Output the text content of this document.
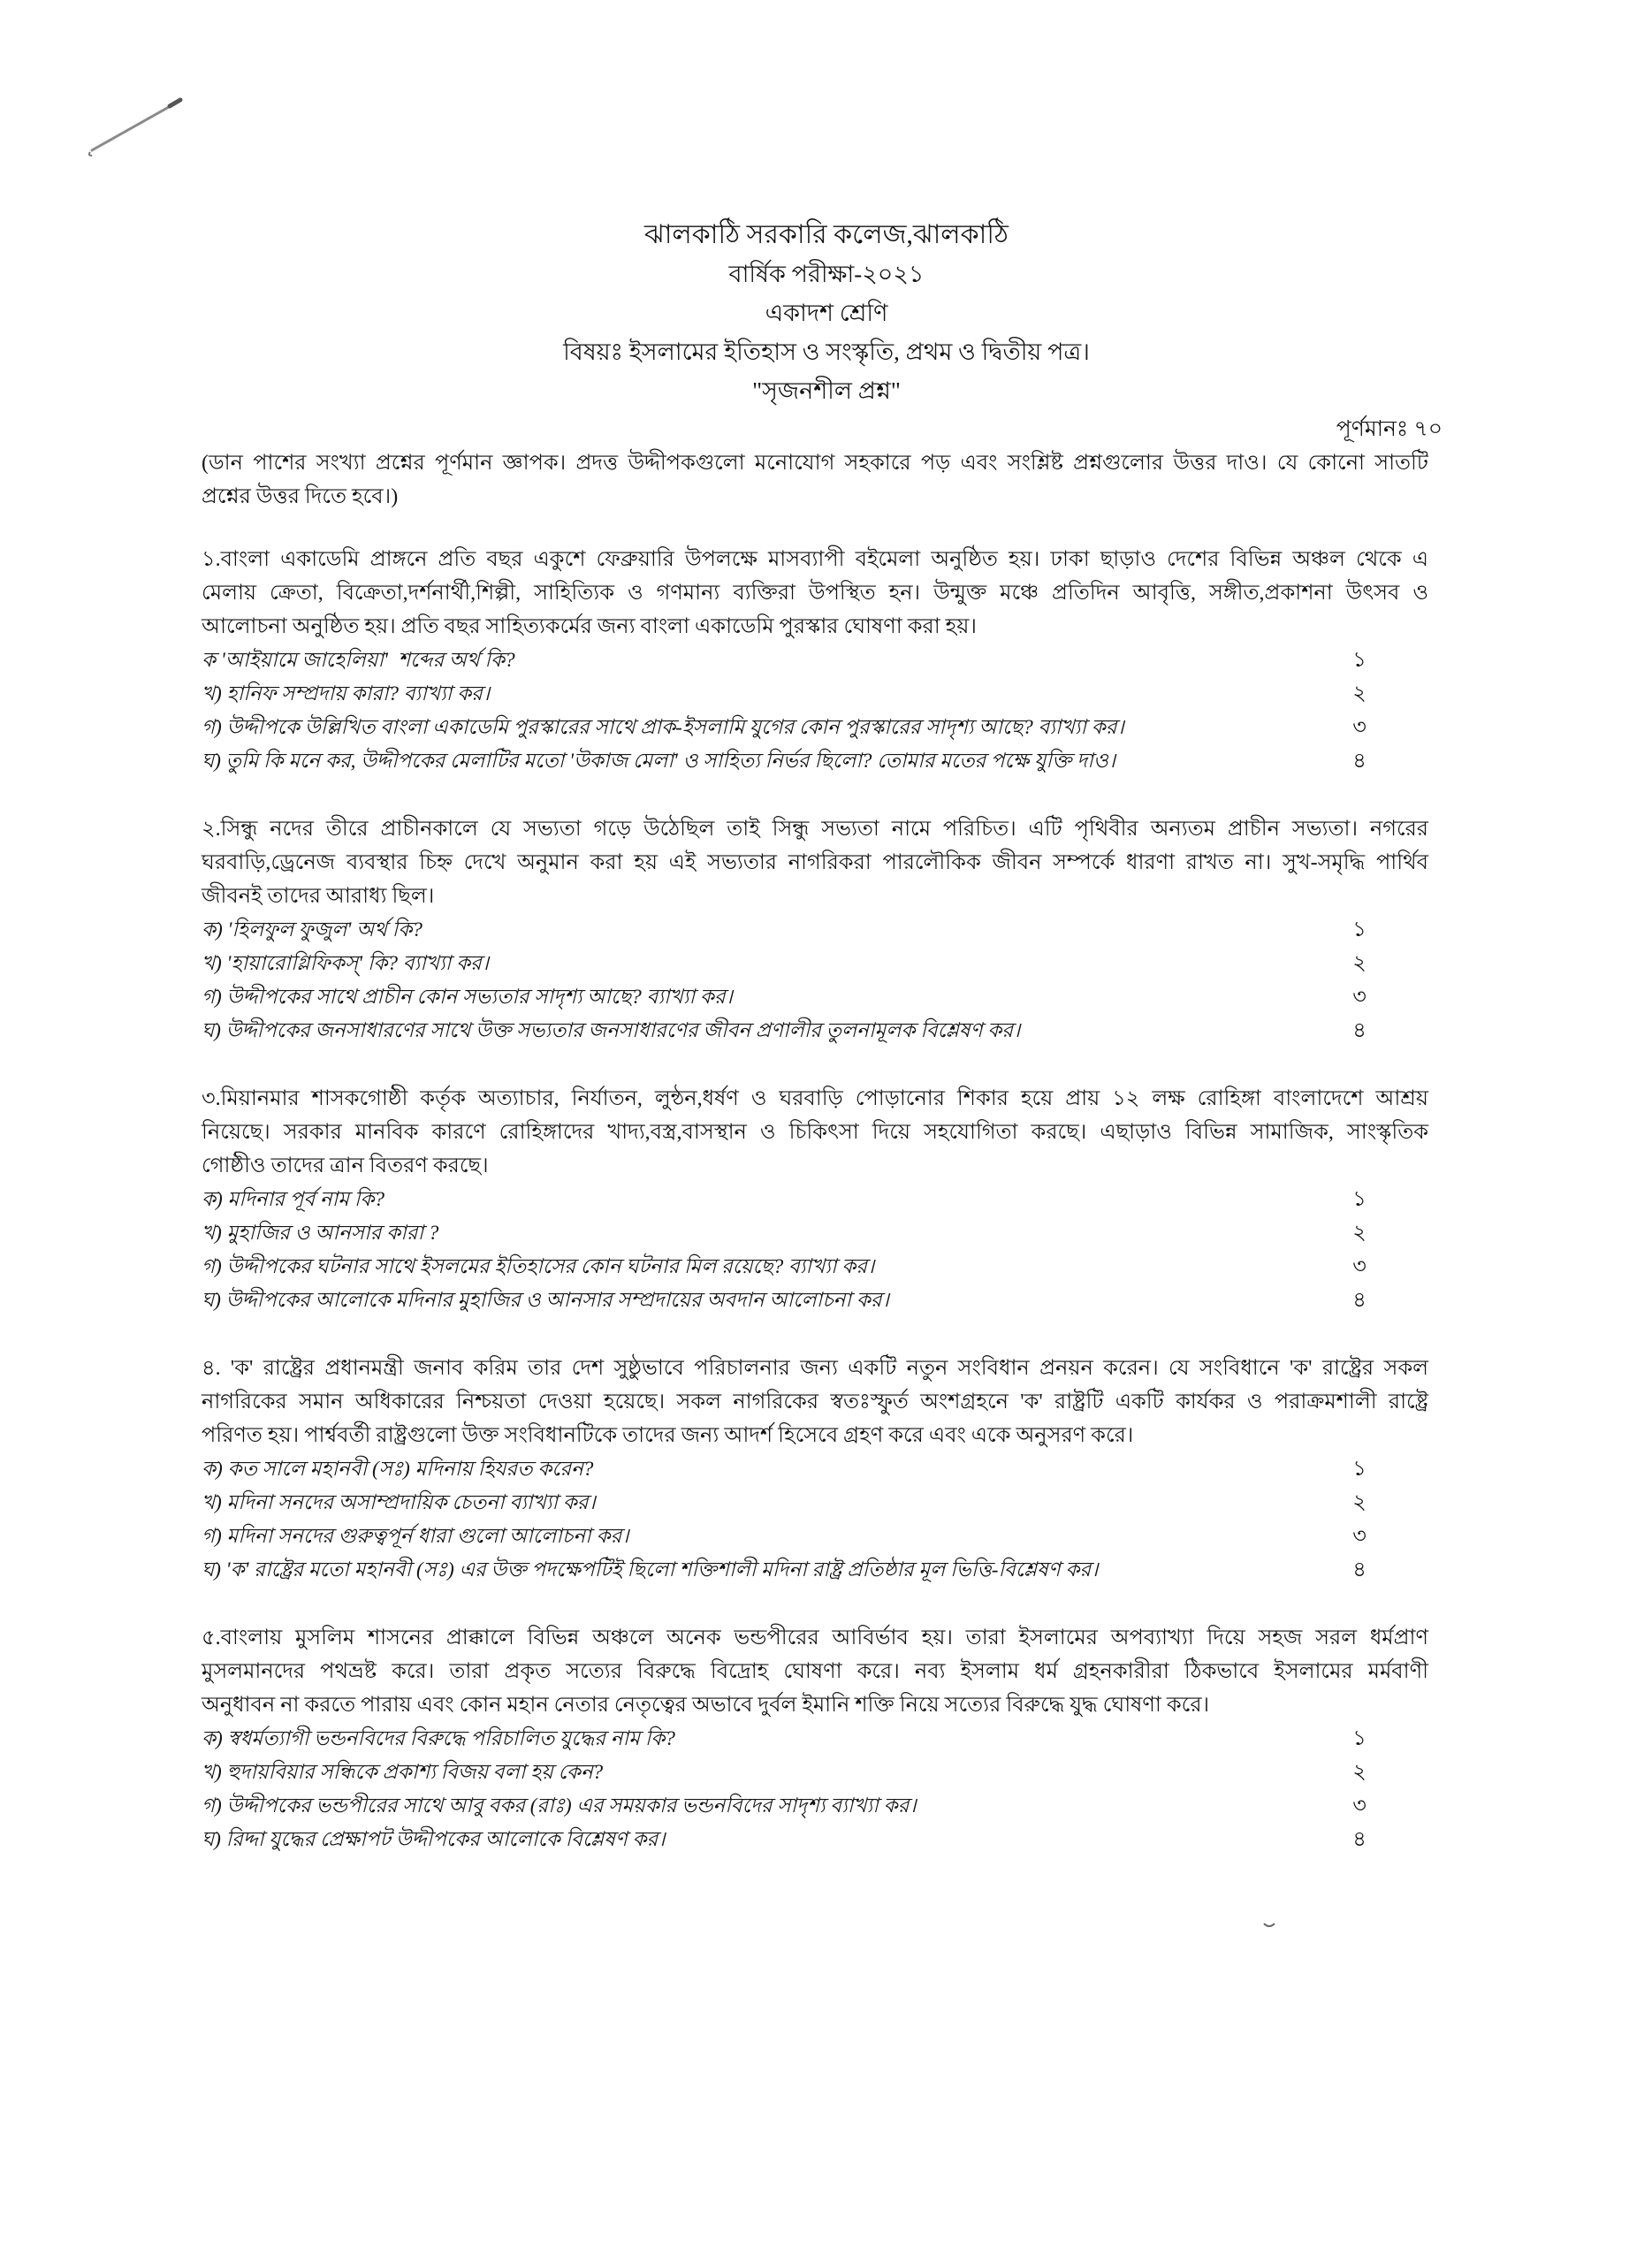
ঝালকাঠি সরকারি কলেজ,ঝালকাঠি
বার্ষিক পরীক্ষা-২০২১
একাদশ শ্রেণি
বিষয়ঃ ইসলামের ইতিহাস ও সংস্কৃতি, প্রথম ও দ্বিতীয় পত্র।
"সৃজনশীল প্রশ্ন"
পূর্ণমানঃ ৭০
(ডান পাশের সংখ্যা প্রশ্নের পূর্ণমান জ্ঞাপক। প্রদত্ত উদ্দীপকগুলো মনোযোগ সহকারে পড় এবং সংশ্লিষ্ট প্রশ্নগুলোর উত্তর দাও। যে কোনো সাতটি
প্রশ্নের উত্তর দিতে হবে।)
১.বাংলা একাডেমি প্রাঙ্গনে প্রতি বছর একুশে ফেব্রুয়ারি উপলক্ষে মাসব্যাপী বইমেলা অনুষ্ঠিত হয়। ঢাকা ছাড়াও দেশের বিভিন্ন অঞ্চল থেকে এ
মেলায় ক্রেতা, বিক্রেতা,দর্শনার্থী,শিল্পী, সাহিত্যিক ও গণমান্য ব্যক্তিরা উপস্থিত হন। উন্মুক্ত মঞ্চে প্রতিদিন আবৃত্তি, সঙ্গীত,প্রকাশনা উৎসব ও
আলোচনা অনুষ্ঠিত হয়। প্রতি বছর সাহিত্যকর্মের জন্য বাংলা একাডেমি পুরস্কার ঘোষণা করা হয়।
ক 'আইয়ামে জাহেলিয়া'  শব্দের অর্থ কি?	১
খ) হানিফ সম্প্রদায় কারা? ব্যাখ্যা কর।	২
গ) উদ্দীপকে উল্লিখিত বাংলা একাডেমি পুরস্কারের সাথে প্রাক-ইসলামি যুগের কোন পুরস্কারের সাদৃশ্য আছে? ব্যাখ্যা কর।	৩
ঘ) তুমি কি মনে কর, উদ্দীপকের মেলাটির মতো 'উকাজ মেলা' ও সাহিত্য নির্ভর ছিলো? তোমার মতের পক্ষে যুক্তি দাও।	৪
২.সিন্ধু নদের তীরে প্রাচীনকালে যে সভ্যতা গড়ে উঠেছিল তাই সিন্ধু সভ্যতা নামে পরিচিত। এটি পৃথিবীর অন্যতম প্রাচীন সভ্যতা। নগরের
ঘরবাড়ি,ড্রেনেজ ব্যবস্থার চিহ্ন দেখে অনুমান করা হয় এই সভ্যতার নাগরিকরা পারলৌকিক জীবন সম্পর্কে ধারণা রাখত না। সুখ-সমৃদ্ধি পার্থিব
জীবনই তাদের আরাধ্য ছিল।
ক) 'হিলফুল ফুজুল' অর্থ কি?	১
খ) 'হায়ারোগ্লিফিকস্' কি? ব্যাখ্যা কর।	২
গ) উদ্দীপকের সাথে প্রাচীন কোন সভ্যতার সাদৃশ্য আছে? ব্যাখ্যা কর।	৩
ঘ) উদ্দীপকের জনসাধারণের সাথে উক্ত সভ্যতার জনসাধারণের জীবন প্রণালীর তুলনামূলক বিশ্লেষণ কর।	৪
৩.মিয়ানমার শাসকগোষ্ঠী কর্তৃক অত্যাচার, নির্যাতন, লুন্ঠন,ধর্ষণ ও ঘরবাড়ি পোড়ানোর শিকার হয়ে প্রায় ১২ লক্ষ রোহিঙ্গা বাংলাদেশে আশ্রয়
নিয়েছে। সরকার মানবিক কারণে রোহিঙ্গাদের খাদ্য,বস্ত্র,বাসস্থান ও চিকিৎসা দিয়ে সহযোগিতা করছে। এছাড়াও বিভিন্ন সামাজিক, সাংস্কৃতিক
গোষ্ঠীও তাদের ত্রান বিতরণ করছে।
ক) মদিনার পূর্ব নাম কি?	১
খ) মুহাজির ও আনসার কারা ?	২
গ) উদ্দীপকের ঘটনার সাথে ইসলমের ইতিহাসের কোন ঘটনার মিল রয়েছে? ব্যাখ্যা কর।	৩
ঘ) উদ্দীপকের আলোকে মদিনার মুহাজির ও আনসার সম্প্রদায়ের অবদান আলোচনা কর।	৪
৪. 'ক' রাষ্ট্রের প্রধানমন্ত্রী জনাব করিম তার দেশ সুষ্ঠুভাবে পরিচালনার জন্য একটি নতুন সংবিধান প্রনয়ন করেন। যে সংবিধানে 'ক' রাষ্ট্রের সকল
নাগরিকের সমান অধিকারের নিশ্চয়তা দেওয়া হয়েছে। সকল নাগরিকের স্বতঃস্ফুর্ত অংশগ্রহনে 'ক' রাষ্ট্রটি একটি কার্যকর ও পরাক্রমশালী রাষ্ট্রে
পরিণত হয়। পার্শ্ববর্তী রাষ্ট্রগুলো উক্ত সংবিধানটিকে তাদের জন্য আদর্শ হিসেবে গ্রহণ করে এবং একে অনুসরণ করে।
ক) কত সালে মহানবী (সঃ) মদিনায় হিযরত করেন?	১
খ) মদিনা সনদের অসাম্প্রদায়িক চেতনা ব্যাখ্যা কর।	২
গ) মদিনা সনদের গুরুত্বপূর্ন ধারা গুলো আলোচনা কর।	৩
ঘ) 'ক' রাষ্ট্রের মতো মহানবী (সঃ) এর উক্ত পদক্ষেপটিই ছিলো শক্তিশালী মদিনা রাষ্ট্র প্রতিষ্ঠার মূল ভিত্তি-বিশ্লেষণ কর।	৪
৫.বাংলায় মুসলিম শাসনের প্রাক্কালে বিভিন্ন অঞ্চলে অনেক ভন্ডপীরের আবির্ভাব হয়। তারা ইসলামের অপব্যাখ্যা দিয়ে সহজ সরল ধর্মপ্রাণ
মুসলমানদের পথভ্রষ্ট করে। তারা প্রকৃত সত্যের বিরুদ্ধে বিদ্রোহ ঘোষণা করে। নব্য ইসলাম ধর্ম গ্রহনকারীরা ঠিকভাবে ইসলামের মর্মবাণী
অনুধাবন না করতে পারায় এবং কোন মহান নেতার নেতৃত্বের অভাবে দুর্বল ইমানি শক্তি নিয়ে সত্যের বিরুদ্ধে যুদ্ধ ঘোষণা করে।
ক) স্বধর্মত্যাগী ভন্ডনবিদের বিরুদ্ধে পরিচালিত যুদ্ধের নাম কি?	১
খ) হুদায়বিয়ার সন্ধিকে প্রকাশ্য বিজয় বলা হয় কেন?	২
গ) উদ্দীপকের ভন্ডপীরের সাথে আবু বকর (রাঃ) এর সময়কার ভন্ডনবিদের সাদৃশ্য ব্যাখ্যা কর।	৩
ঘ) রিদ্দা যুদ্ধের প্রেক্ষাপট উদ্দীপকের আলোকে বিশ্লেষণ কর।	৪
